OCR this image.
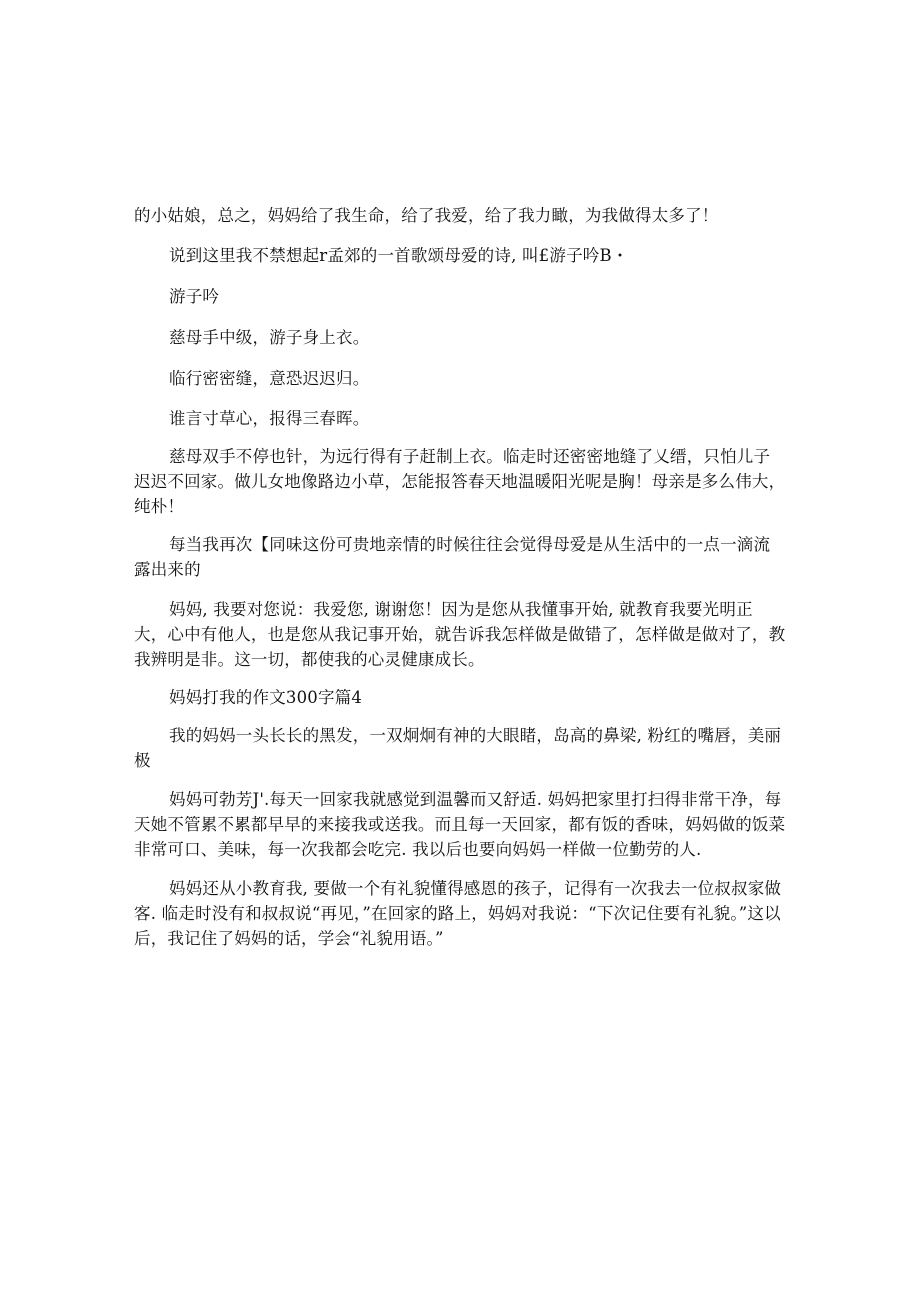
的小姑娘，总之，妈妈给了我生命，给了我爱，给了我力瞰，为我做得太多了！

说到这里我不禁想起r孟郊的一首歌颂母爱的诗, 叫£游子吟B・

游子吟

慈母手中级，游子身上衣。

临行密密缝，意恐迟迟归。

谁言寸草心，报得三春晖。

慈母双手不停也针，为远行得有子赶制上衣。临走时还密密地缝了乂缙，只怕儿子迟迟不回家。做儿女地像路边小草，怎能报答春天地温暖阳光呢是胸！母亲是多么伟大，纯朴！

每当我再次【同味这份可贵地亲情的时候往往会觉得母爱是从生活中的一点一滴流露出来的

妈妈, 我要对您说：我爱您, 谢谢您！因为是您从我懂事开始, 就教育我要光明正大，心中有他人，也是您从我记事开始，就告诉我怎样做是做错了，怎样做是做对了，教我辨明是非。这一切，都使我的心灵健康成长。

妈妈打我的作文300字篇4

我的妈妈一头长长的黑发，一双炯炯有神的大眼睹，岛高的鼻梁, 粉红的嘴唇，美丽极

妈妈可勃芳J'.每天一回家我就感觉到温馨而又舒适. 妈妈把家里打扫得非常干净，每天她不管累不累都早早的来接我或送我。而且每一天回家，都有饭的香味，妈妈做的饭菜非常可口、美味，每一次我都会吃完. 我以后也要向妈妈一样做一位勤劳的人.

妈妈还从小教育我, 要做一个有礼貌懂得感恩的孩子，记得有一次我去一位叔叔家做客. 临走时没有和叔叔说“再见，”在回家的路上，妈妈对我说：“下次记住要有礼貌。”这以后，我记住了妈妈的话，学会“礼貌用语。”
